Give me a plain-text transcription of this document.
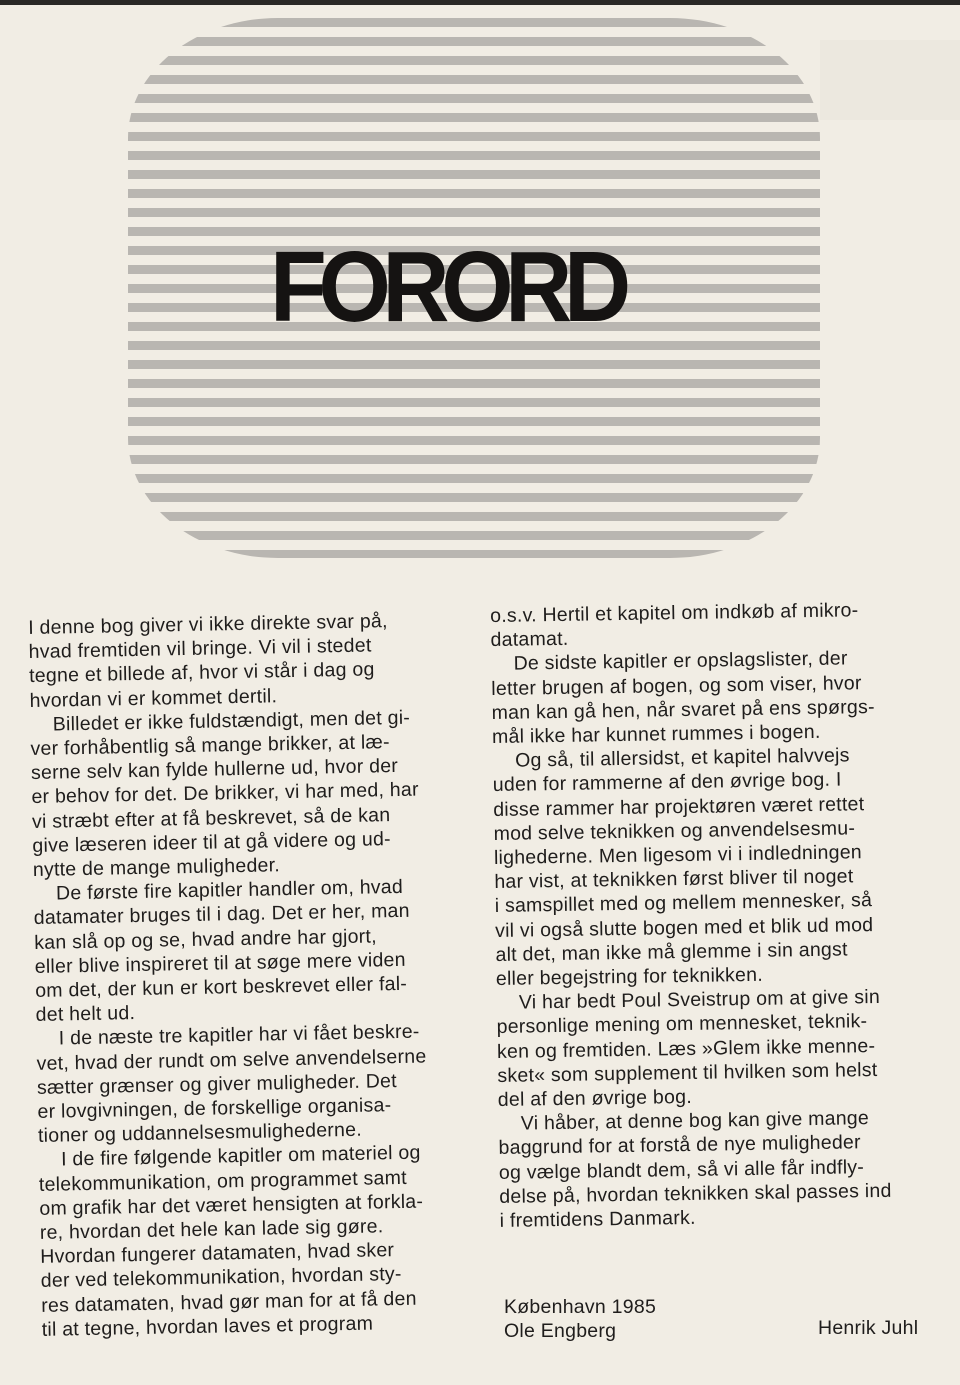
FORORD
I denne bog giver vi ikke direkte svar på,
hvad fremtiden vil bringe. Vi vil i stedet
tegne et billede af, hvor vi står i dag og
hvordan vi er kommet dertil.
Billedet er ikke fuldstændigt, men det gi-
ver forhåbentlig så mange brikker, at læ-
serne selv kan fylde hullerne ud, hvor der
er behov for det. De brikker, vi har med, har
vi stræbt efter at få beskrevet, så de kan
give læseren ideer til at gå videre og ud-
nytte de mange muligheder.
De første fire kapitler handler om, hvad
datamater bruges til i dag. Det er her, man
kan slå op og se, hvad andre har gjort,
eller blive inspireret til at søge mere viden
om det, der kun er kort beskrevet eller fal-
det helt ud.
I de næste tre kapitler har vi fået beskre-
vet, hvad der rundt om selve anvendelserne
sætter grænser og giver muligheder. Det
er lovgivningen, de forskellige organisa-
tioner og uddannelsesmulighederne.
I de fire følgende kapitler om materiel og
telekommunikation, om programmet samt
om grafik har det været hensigten at forkla-
re, hvordan det hele kan lade sig gøre.
Hvordan fungerer datamaten, hvad sker
der ved telekommunikation, hvordan sty-
res datamaten, hvad gør man for at få den
til at tegne, hvordan laves et program
o.s.v. Hertil et kapitel om indkøb af mikro-
datamat.
De sidste kapitler er opslagslister, der
letter brugen af bogen, og som viser, hvor
man kan gå hen, når svaret på ens spørgs-
mål ikke har kunnet rummes i bogen.
Og så, til allersidst, et kapitel halvvejs
uden for rammerne af den øvrige bog. I
disse rammer har projektøren været rettet
mod selve teknikken og anvendelsesmu-
lighederne. Men ligesom vi i indledningen
har vist, at teknikken først bliver til noget
i samspillet med og mellem mennesker, så
vil vi også slutte bogen med et blik ud mod
alt det, man ikke må glemme i sin angst
eller begejstring for teknikken.
Vi har bedt Poul Sveistrup om at give sin
personlige mening om mennesket, teknik-
ken og fremtiden. Læs »Glem ikke menne-
sket« som supplement til hvilken som helst
del af den øvrige bog.
Vi håber, at denne bog kan give mange
baggrund for at forstå de nye muligheder
og vælge blandt dem, så vi alle får indfly-
delse på, hvordan teknikken skal passes ind
i fremtidens Danmark.
København 1985
Ole Engberg	Henrik Juhl
